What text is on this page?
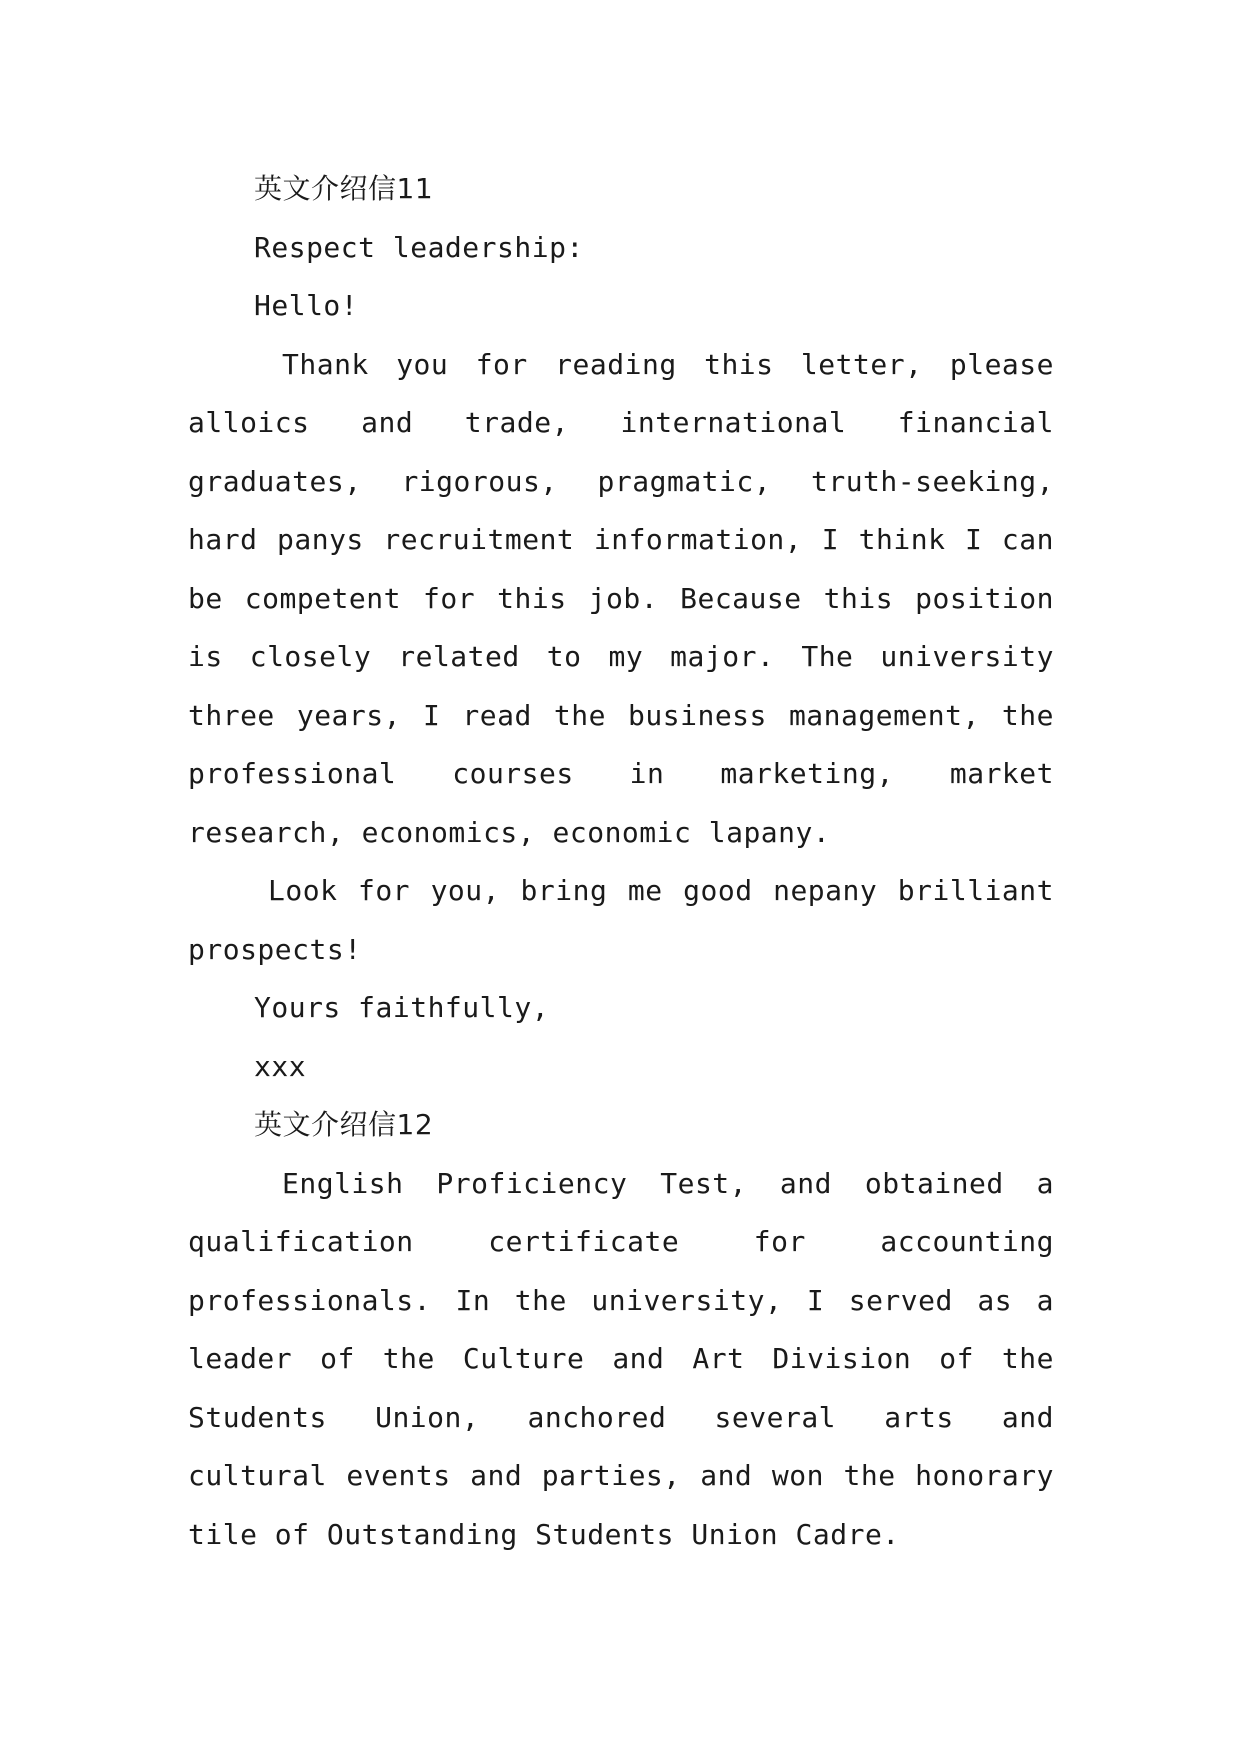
英文介绍信11

Respect leadership:

Hello!

Thank you for reading this letter, please alloics and trade, international financial graduates, rigorous, pragmatic, truth-seeking, hard panys recruitment information, I think I can be competent for this job. Because this position is closely related to my major. The university three years, I read the business management, the professional courses in marketing, market research, economics, economic lapany.

Look for you, bring me good nepany brilliant prospects!

Yours faithfully,

xxx

英文介绍信12

English Proficiency Test, and obtained a qualification certificate for accounting professionals. In the university, I served as a leader of the Culture and Art Division of the Students Union, anchored several arts and cultural events and parties, and won the honorary tile of Outstanding Students Union Cadre.
